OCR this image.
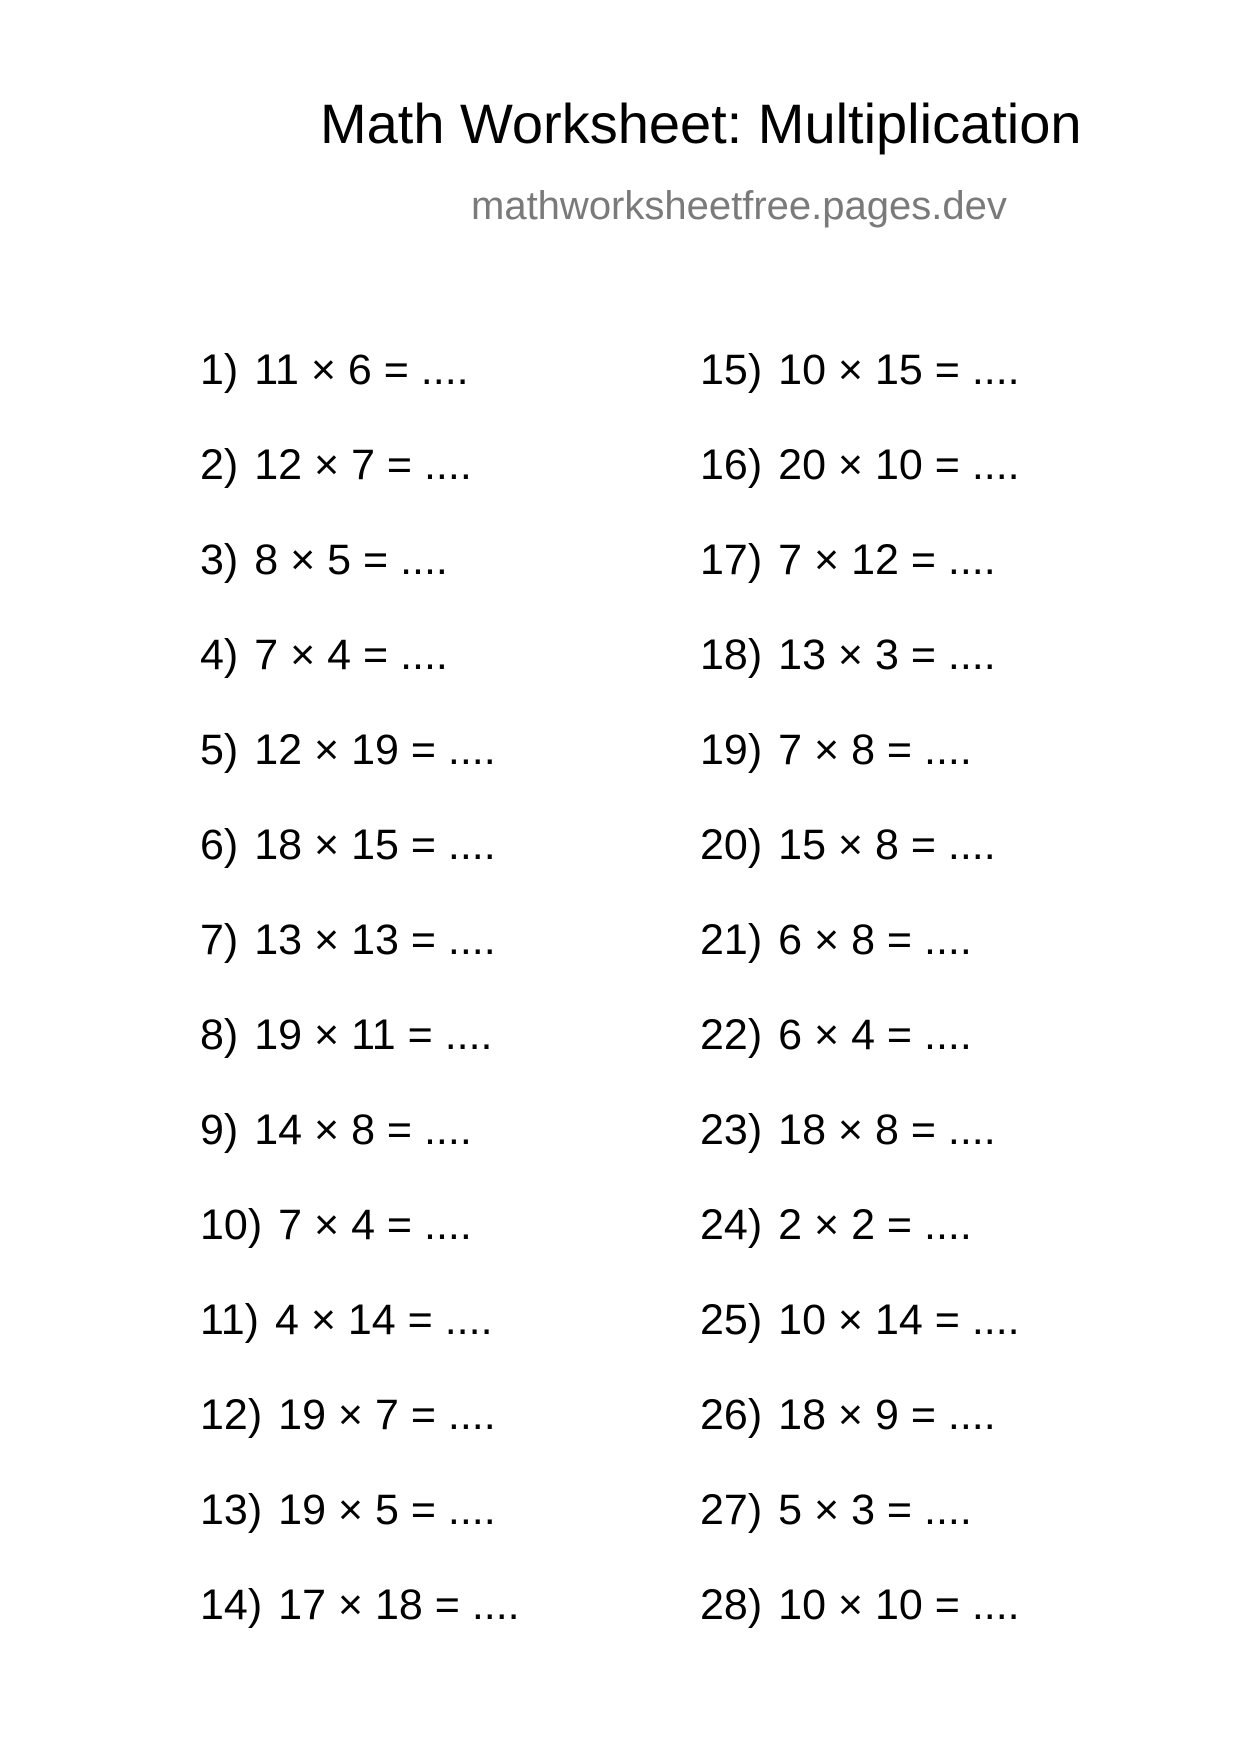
Math Worksheet: Multiplication
mathworksheetfree.pages.dev
1) 11 × 6 = ....
2) 12 × 7 = ....
3) 8 × 5 = ....
4) 7 × 4 = ....
5) 12 × 19 = ....
6) 18 × 15 = ....
7) 13 × 13 = ....
8) 19 × 11 = ....
9) 14 × 8 = ....
10) 7 × 4 = ....
11) 4 × 14 = ....
12) 19 × 7 = ....
13) 19 × 5 = ....
14) 17 × 18 = ....
15) 10 × 15 = ....
16) 20 × 10 = ....
17) 7 × 12 = ....
18) 13 × 3 = ....
19) 7 × 8 = ....
20) 15 × 8 = ....
21) 6 × 8 = ....
22) 6 × 4 = ....
23) 18 × 8 = ....
24) 2 × 2 = ....
25) 10 × 14 = ....
26) 18 × 9 = ....
27) 5 × 3 = ....
28) 10 × 10 = ....
